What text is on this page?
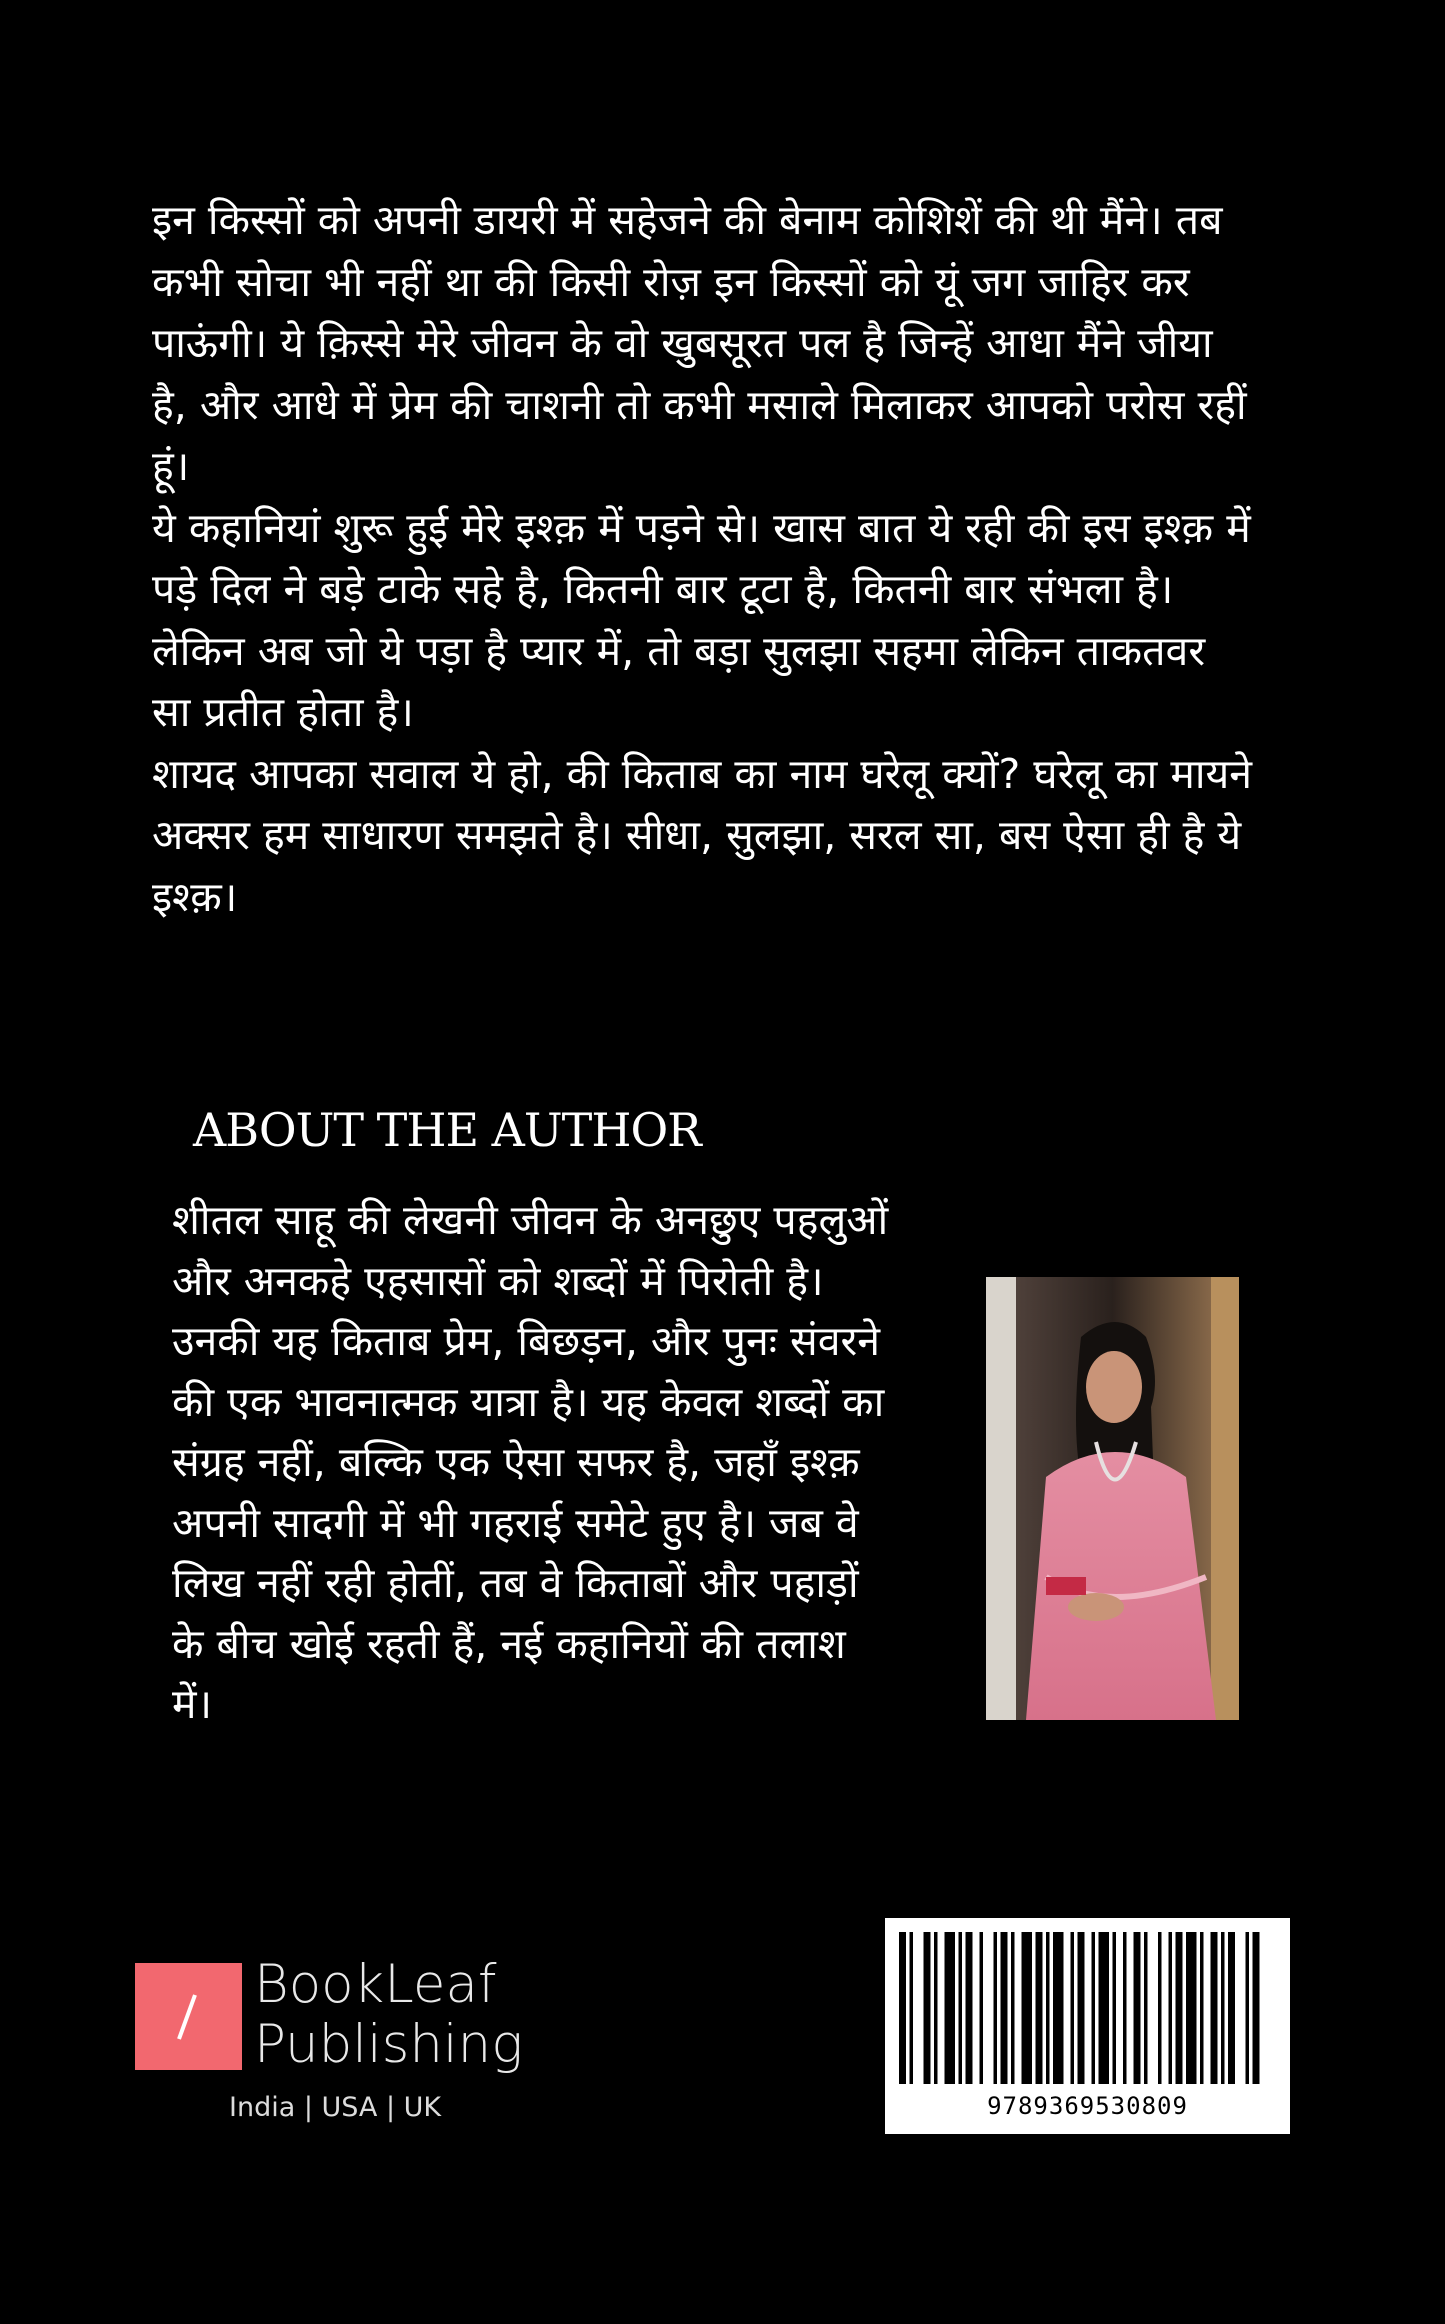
इन किस्सों को अपनी डायरी में सहेजने की बेनाम कोशिशें की थी मैंने। तब कभी सोचा भी नहीं था की किसी रोज़ इन किस्सों को यूं जग जाहिर कर पाऊंगी। ये क़िस्से मेरे जीवन के वो खुबसूरत पल है जिन्हें आधा मैंने जीया है, और आधे में प्रेम की चाशनी तो कभी मसाले मिलाकर आपको परोस रहीं हूं।

ये कहानियां शुरू हुई मेरे इश्क़ में पड़ने से। खास बात ये रही की इस इश्क़ में पड़े दिल ने बड़े टाके सहे है, कितनी बार टूटा है, कितनी बार संभला है। लेकिन अब जो ये पड़ा है प्यार में, तो बड़ा सुलझा सहमा लेकिन ताकतवर सा प्रतीत होता है।

शायद आपका सवाल ये हो, की किताब का नाम घरेलू क्यों? घरेलू का मायने अक्सर हम साधारण समझते है। सीधा, सुलझा, सरल सा, बस ऐसा ही है ये इश्क़।

ABOUT THE AUTHOR

शीतल साहू की लेखनी जीवन के अनछुए पहलुओं और अनकहे एहसासों को शब्दों में पिरोती है। उनकी यह किताब प्रेम, बिछड़न, और पुनः संवरने की एक भावनात्मक यात्रा है। यह केवल शब्दों का संग्रह नहीं, बल्कि एक ऐसा सफर है, जहाँ इश्क़ अपनी सादगी में भी गहराई समेटे हुए है। जब वे लिख नहीं रही होतीं, तब वे किताबों और पहाड़ों के बीच खोई रहती हैं, नई कहानियों की तलाश में।

BookLeaf
Publishing
India | USA | UK	9789369530809
